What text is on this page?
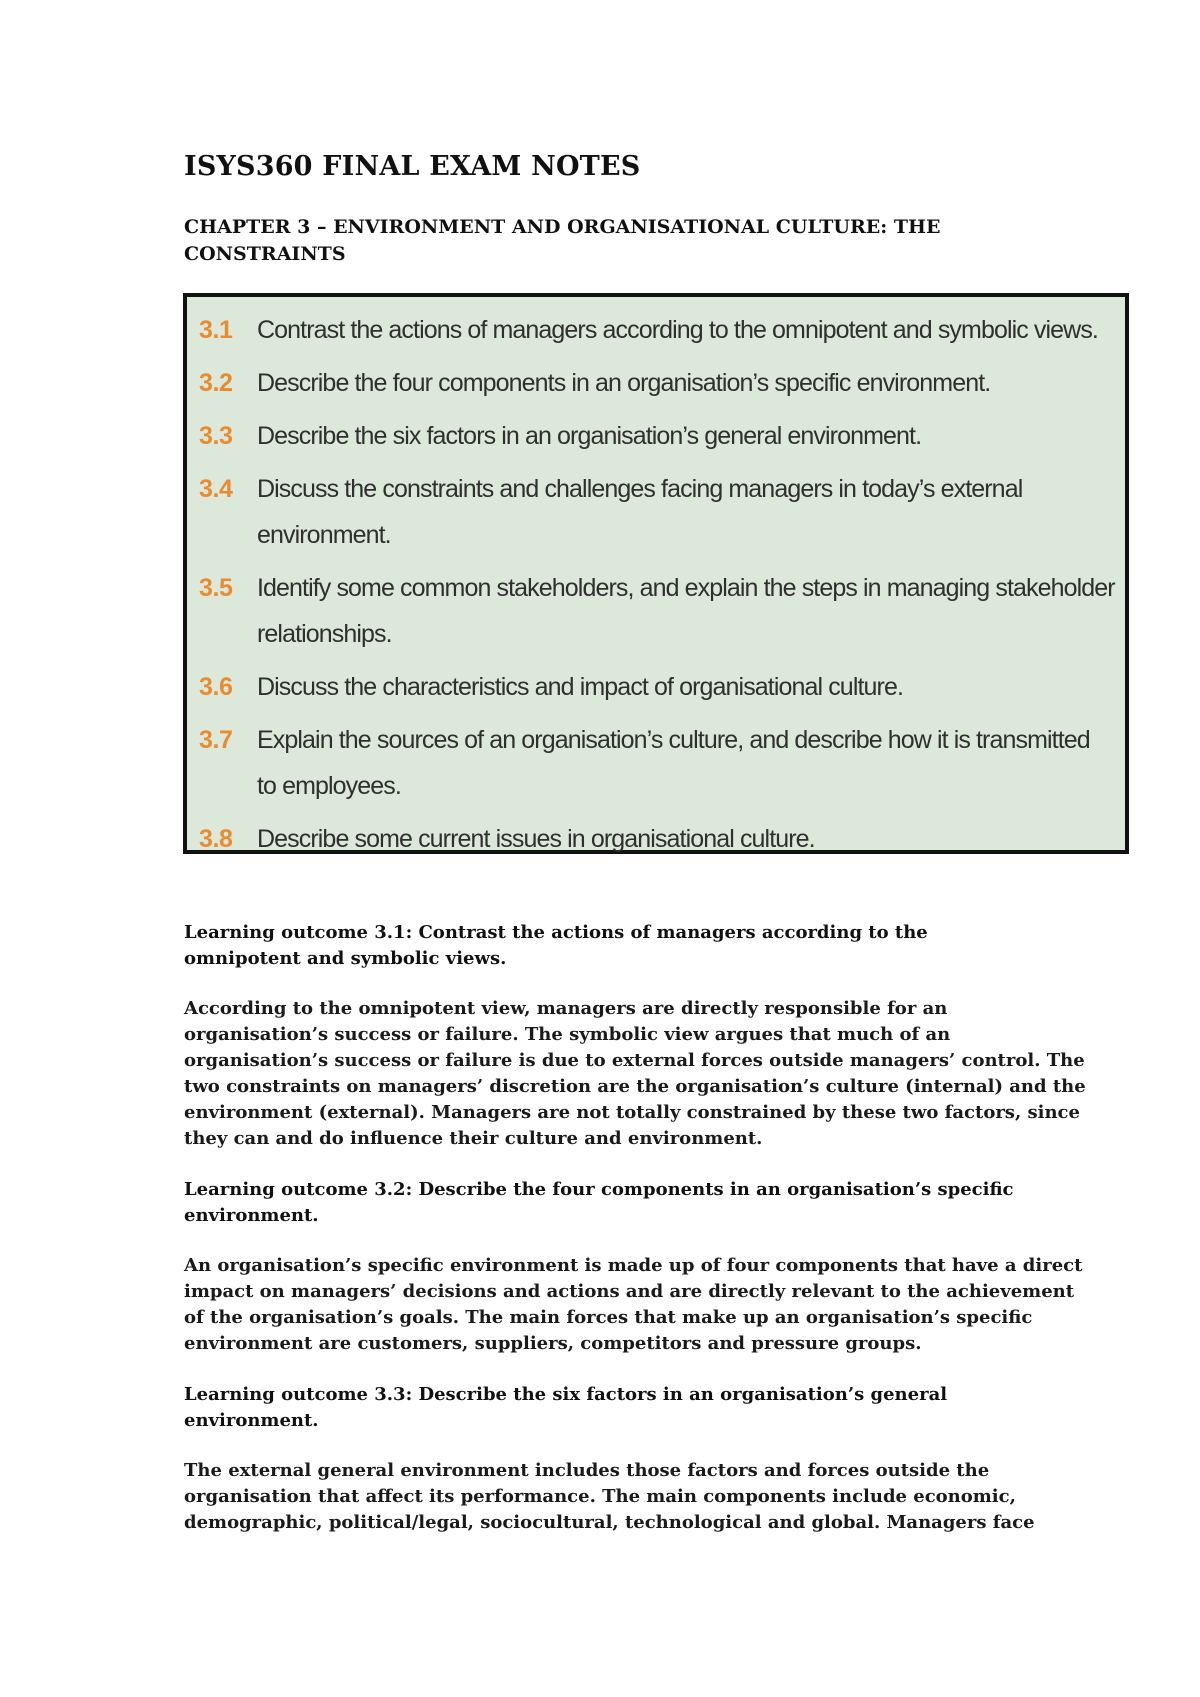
ISYS360 FINAL EXAM NOTES
CHAPTER 3 – ENVIRONMENT AND ORGANISATIONAL CULTURE: THE
CONSTRAINTS
3.1 Contrast the actions of managers according to the omnipotent and symbolic views.
3.2 Describe the four components in an organisation’s specific environment.
3.3 Describe the six factors in an organisation’s general environment.
3.4 Discuss the constraints and challenges facing managers in today’s external
environment.
3.5 Identify some common stakeholders, and explain the steps in managing stakeholder
relationships.
3.6 Discuss the characteristics and impact of organisational culture.
3.7 Explain the sources of an organisation’s culture, and describe how it is transmitted
to employees.
3.8 Describe some current issues in organisational culture.
Learning outcome 3.1: Contrast the actions of managers according to the
omnipotent and symbolic views.
According to the omnipotent view, managers are directly responsible for an
organisation’s success or failure. The symbolic view argues that much of an
organisation’s success or failure is due to external forces outside managers’ control. The
two constraints on managers’ discretion are the organisation’s culture (internal) and the
environment (external). Managers are not totally constrained by these two factors, since
they can and do influence their culture and environment.
Learning outcome 3.2: Describe the four components in an organisation’s specific
environment.
An organisation’s specific environment is made up of four components that have a direct
impact on managers’ decisions and actions and are directly relevant to the achievement
of the organisation’s goals. The main forces that make up an organisation’s specific
environment are customers, suppliers, competitors and pressure groups.
Learning outcome 3.3: Describe the six factors in an organisation’s general
environment.
The external general environment includes those factors and forces outside the
organisation that affect its performance. The main components include economic,
demographic, political/legal, sociocultural, technological and global. Managers face
